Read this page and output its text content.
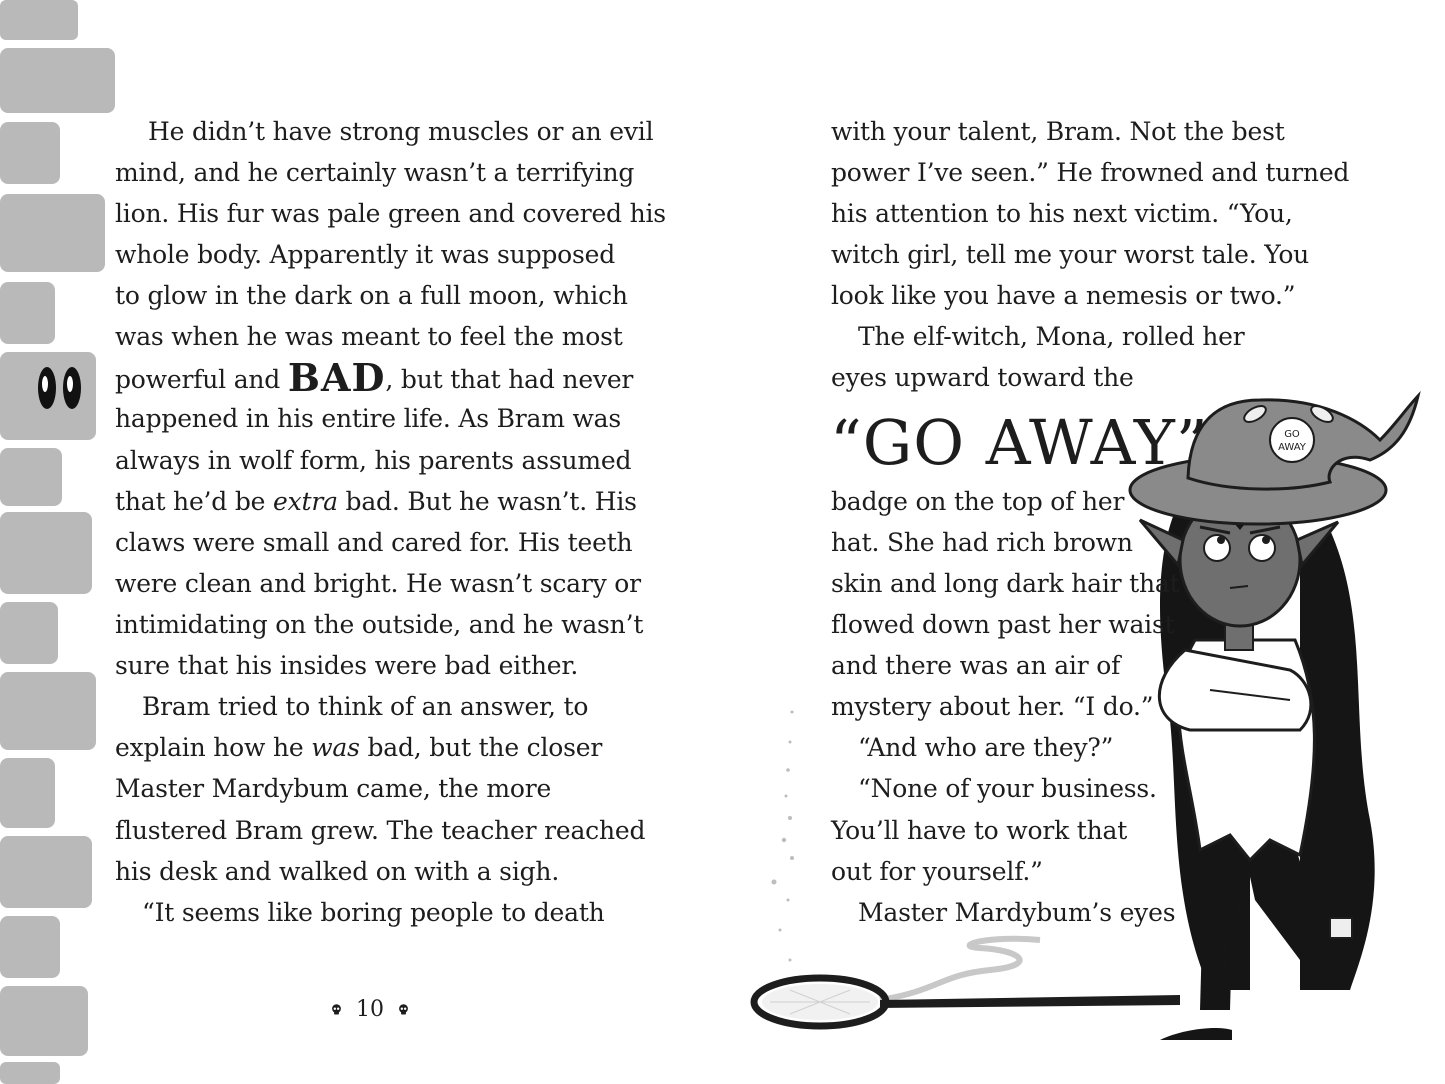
He didn’t have strong muscles or an evil
mind, and he certainly wasn’t a terrifying
lion. His fur was pale green and covered his
whole body. Apparently it was supposed
to glow in the dark on a full moon, which
was when he was meant to feel the most
powerful and BAD, but that had never
happened in his entire life. As Bram was
always in wolf form, his parents assumed
that he’d be extra bad. But he wasn’t. His
claws were small and cared for. His teeth
were clean and bright. He wasn’t scary or
intimidating on the outside, and he wasn’t
sure that his insides were bad either.
Bram tried to think of an answer, to
explain how he was bad, but the closer
Master Mardybum came, the more
flustered Bram grew. The teacher reached
his desk and walked on with a sigh.
“It seems like boring people to death
10
GO
AWAY
with your talent, Bram. Not the best
power I’ve seen.” He frowned and turned
his attention to his next victim. “You,
witch girl, tell me your worst tale. You
look like you have a nemesis or two.”
The elf-witch, Mona, rolled her
eyes upward toward the
“GO AWAY”
badge on the top of her
hat. She had rich brown
skin and long dark hair that
flowed down past her waist
and there was an air of
mystery about her. “I do.”
“And who are they?”
“None of your business.
You’ll have to work that
out for yourself.”
Master Mardybum’s eyes
